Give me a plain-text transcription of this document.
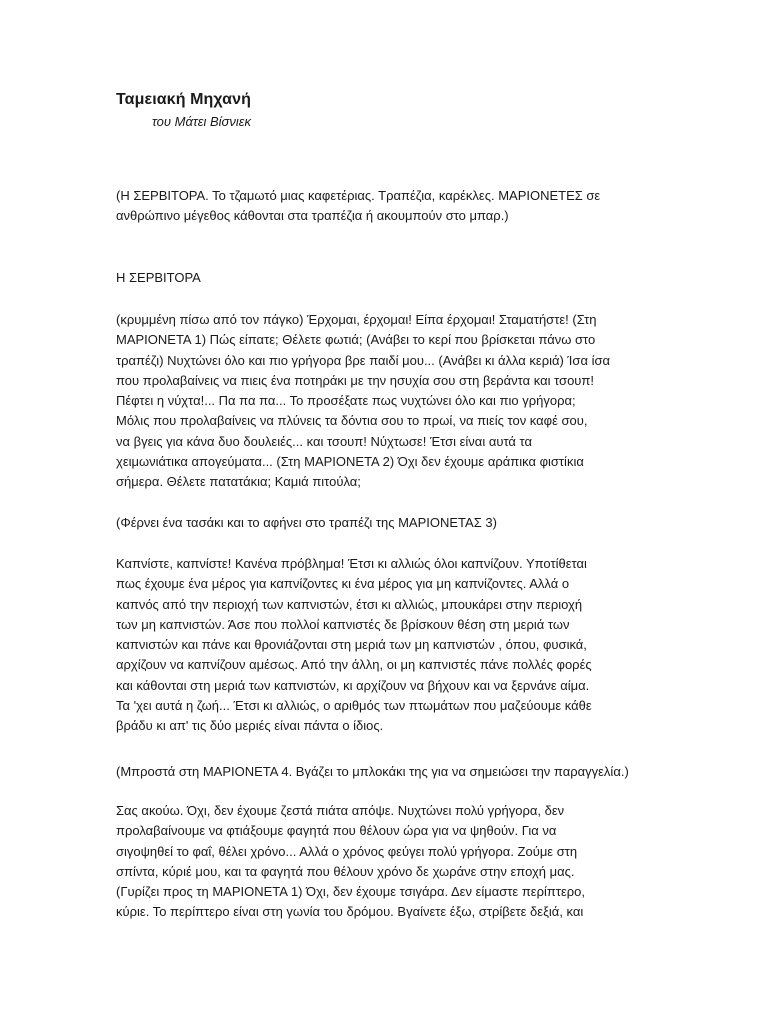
Ταμειακή Μηχανή
του Μάτει Βίσνιεκ
(Η ΣΕΡΒΙΤΟΡΑ. Το τζαμωτό μιας καφετέριας. Τραπέζια, καρέκλες. ΜΑΡΙΟΝΕΤΕΣ σε
ανθρώπινο μέγεθος κάθονται στα τραπέζια ή ακουμπούν στο μπαρ.)
Η ΣΕΡΒΙΤΟΡΑ
(κρυμμένη πίσω από τον πάγκο) Έρχομαι, έρχομαι! Είπα έρχομαι! Σταματήστε! (Στη
ΜΑΡΙΟΝΕΤΑ 1) Πώς είπατε; Θέλετε φωτιά; (Ανάβει το κερί που βρίσκεται πάνω στο
τραπέζι) Νυχτώνει όλο και πιο γρήγορα βρε παιδί μου... (Ανάβει κι άλλα κεριά) Ίσα ίσα
που προλαβαίνεις να πιεις ένα ποτηράκι με την ησυχία σου στη βεράντα και τσουπ!
Πέφτει η νύχτα!... Πα πα πα... Το προσέξατε πως νυχτώνει όλο και πιο γρήγορα;
Μόλις που προλαβαίνεις να πλύνεις τα δόντια σου το πρωί, να πιείς τον καφέ σου,
να βγεις για κάνα δυο δουλειές... και τσουπ! Νύχτωσε! Έτσι είναι αυτά τα
χειμωνιάτικα απογεύματα... (Στη ΜΑΡΙΟΝΕΤΑ 2) Όχι δεν έχουμε αράπικα φιστίκια
σήμερα. Θέλετε πατατάκια; Καμιά πιτούλα;
(Φέρνει ένα τασάκι και το αφήνει στο τραπέζι της ΜΑΡΙΟΝΕΤΑΣ 3)
Καπνίστε, καπνίστε! Κανένα πρόβλημα! Έτσι κι αλλιώς όλοι καπνίζουν. Υποτίθεται
πως έχουμε ένα μέρος για καπνίζοντες κι ένα μέρος για μη καπνίζοντες. Αλλά ο
καπνός από την περιοχή των καπνιστών, έτσι κι αλλιώς, μπουκάρει στην περιοχή
των μη καπνιστών. Άσε που πολλοί καπνιστές δε βρίσκουν θέση στη μεριά των
καπνιστών και πάνε και θρονιάζονται στη μεριά των μη καπνιστών , όπου, φυσικά,
αρχίζουν να καπνίζουν αμέσως. Από την άλλη, οι μη καπνιστές πάνε πολλές φορές
και κάθονται στη μεριά των καπνιστών, κι αρχίζουν να βήχουν και να ξερνάνε αίμα.
Τα 'χει αυτά η ζωή... Έτσι κι αλλιώς, ο αριθμός των πτωμάτων που μαζεύουμε κάθε
βράδυ κι απ' τις δύο μεριές είναι πάντα ο ίδιος.
(Μπροστά στη ΜΑΡΙΟΝΕΤΑ 4. Βγάζει το μπλοκάκι της για να σημειώσει την παραγγελία.)
Σας ακούω. Όχι, δεν έχουμε ζεστά πιάτα απόψε. Νυχτώνει πολύ γρήγορα, δεν
προλαβαίνουμε να φτιάξουμε φαγητά που θέλουν ώρα για να ψηθούν. Για να
σιγοψηθεί το φαΐ, θέλει χρόνο... Αλλά ο χρόνος φεύγει πολύ γρήγορα. Ζούμε στη
σπίντα, κύριέ μου, και τα φαγητά που θέλουν χρόνο δε χωράνε στην εποχή μας.
(Γυρίζει προς τη ΜΑΡΙΟΝΕΤΑ 1) Όχι, δεν έχουμε τσιγάρα. Δεν είμαστε περίπτερο,
κύριε. Το περίπτερο είναι στη γωνία του δρόμου. Βγαίνετε έξω, στρίβετε δεξιά, και
